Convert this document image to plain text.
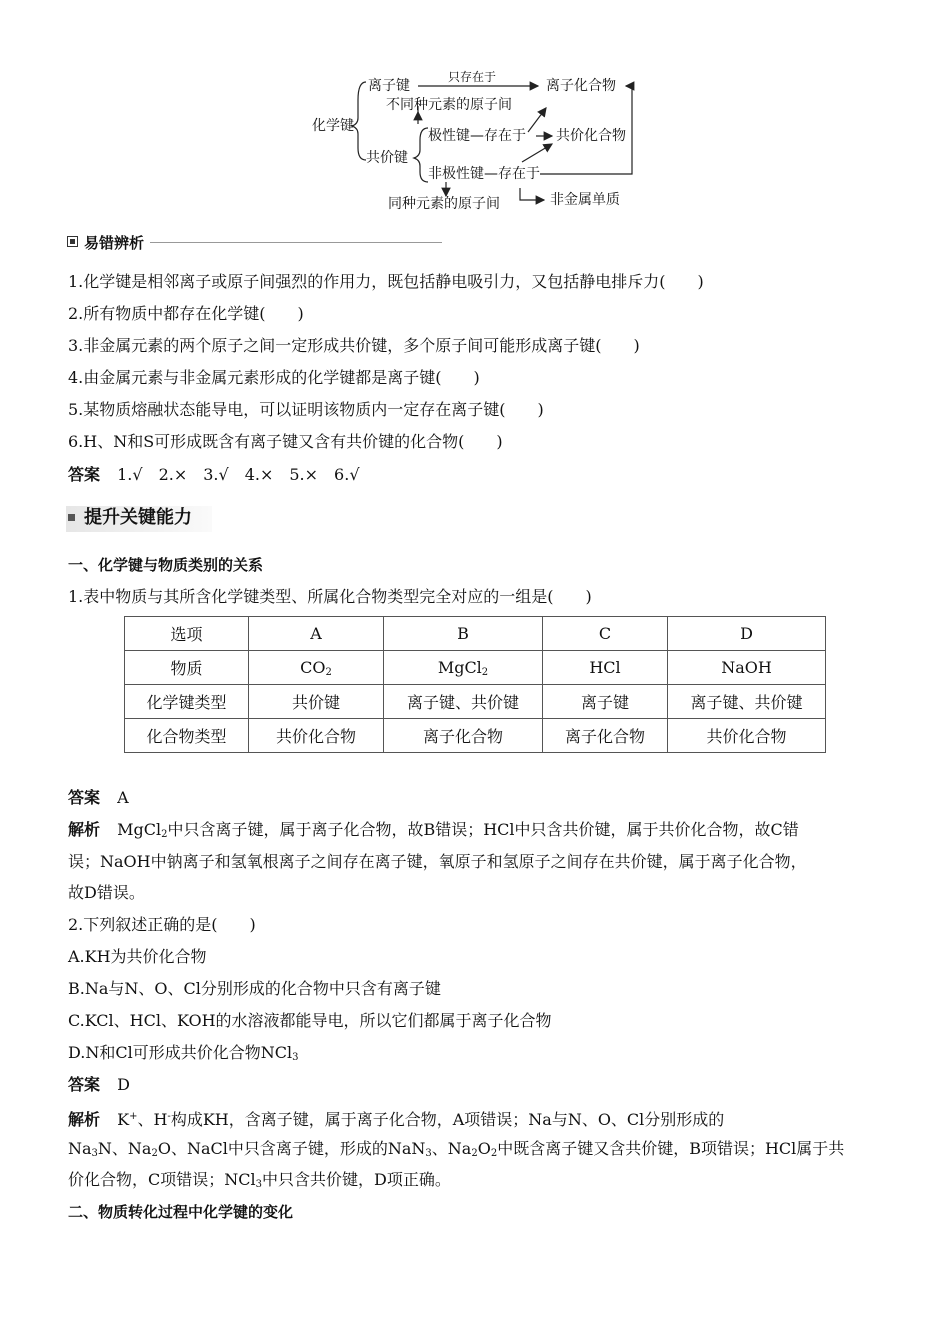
化学键
离子键
只存在于
离子化合物
不同种元素的原子间
共价键
极性键—存在于 共价化合物
非极性键—存在于
同种元素的原子间	非金属单质
易错辨析
1.化学键是相邻离子或原子间强烈的作用力，既包括静电吸引力，又包括静电排斥力(　　)
2.所有物质中都存在化学键(　　)
3.非金属元素的两个原子之间一定形成共价键，多个原子间可能形成离子键(　　)
4.由金属元素与非金属元素形成的化学键都是离子键(　　)
5.某物质熔融状态能导电，可以证明该物质内一定存在离子键(　　)
6.H、N和S可形成既含有离子键又含有共价键的化合物(　　)
答案 1.√　2.×　3.√　4.×　5.×　6.√
提升关键能力
一、化学键与物质类别的关系
1.表中物质与其所含化学键类型、所属化合物类型完全对应的一组是(　　)
选项	A	B	C	D
物质	$CO_2$	MgCl$_2$	HCl	NaOH
化学键类型	共价键	离子键、共价键	离子键	离子键、共价键
化合物类型	共价化合物	离子化合物	离子化合物	共价化合物
答案 A
解析 MgCl$_2$中只含离子键，属于离子化合物，故B错误；HCl中只含共价键，属于共价化合物，故C错
误；NaOH中钠离子和氢氧根离子之间存在离子键，氧原子和氢原子之间存在共价键，属于离子化合物，
故D错误。
2.下列叙述正确的是(　　)
A.KH为共价化合物
B.Na与N、O、Cl分别形成的化合物中只含有离子键
C.KCl、HCl、KOH的水溶液都能导电，所以它们都属于离子化合物
D.N和Cl可形成共价化合物NCl$_3$
答案 D
解析 K+、H-构成KH，含离子键，属于离子化合物，A项错误；Na与N、O、Cl分别形成的
$Na_3N$、$Na_2O$、NaCl中只含离子键，形成的NaN$_3$、$Na_2O_2$中既含离子键又含共价键，B项错误；HCl属于共
价化合物，C项错误；NCl$_3$中只含共价键，D项正确。
二、物质转化过程中化学键的变化
